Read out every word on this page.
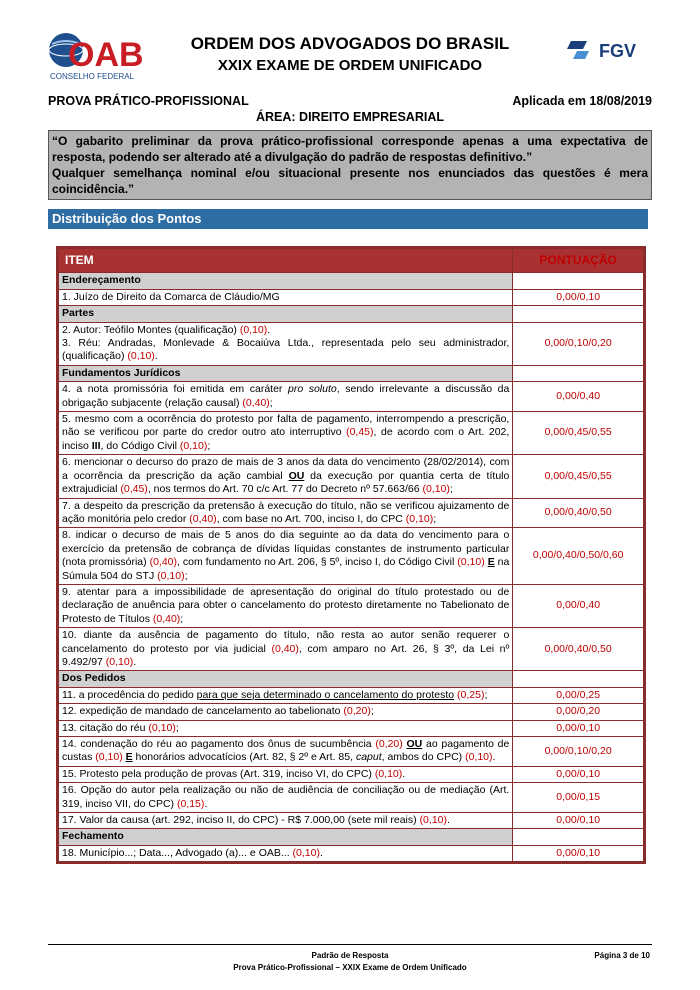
OAB
CONSELHO FEDERAL
ORDEM DOS ADVOGADOS DO BRASIL
XXIX EXAME DE ORDEM UNIFICADO
FGV
PROVA PRÁTICO-PROFISSIONAL	Aplicada em 18/08/2019
ÁREA: DIREITO EMPRESARIAL
“O gabarito preliminar da prova prático-profissional corresponde apenas a uma expectativa de resposta, podendo ser alterado até a divulgação do padrão de respostas definitivo.”
Qualquer semelhança nominal e/ou situacional presente nos enunciados das questões é mera coincidência.”
Distribuição dos Pontos
ITEM	PONTUAÇÃO
Endereçamento	
1. Juízo de Direito da Comarca de Cláudio/MG	0,00/0,10
Partes	

2. Autor: Teófilo Montes (qualificação) (0,10).
3. Réu: Andradas, Monlevade & Bocaiúva Ltda., representada pelo seu administrador, (qualificação) (0,10).	0,00/0,10/0,20
Fundamentos Jurídicos	
4. a nota promissória foi emitida em caráter pro soluto, sendo irrelevante a discussão da obrigação subjacente (relação causal) (0,40);	0,00/0,40
5. mesmo com a ocorrência do protesto por falta de pagamento, interrompendo a prescrição, não se verificou por parte do credor outro ato interruptivo (0,45), de acordo com o Art. 202, inciso III, do Código Civil (0,10);	0,00/0,45/0,55
6. mencionar o decurso do prazo de mais de 3 anos da data do vencimento (28/02/2014), com a ocorrência da prescrição da ação cambial OU da execução por quantia certa de título extrajudicial (0,45), nos termos do Art. 70 c/c Art. 77 do Decreto nº 57.663/66 (0,10);	0,00/0,45/0,55
7. a despeito da prescrição da pretensão à execução do título, não se verificou ajuizamento de ação monitória pelo credor (0,40), com base no Art. 700, inciso I, do CPC (0,10);	0,00/0,40/0,50
8. indicar o decurso de mais de 5 anos do dia seguinte ao da data do vencimento para o exercício da pretensão de cobrança de dívidas líquidas constantes de instrumento particular (nota promissória) (0,40), com fundamento no Art. 206, § 5º, inciso I, do Código Civil (0,10) E na Súmula 504 do STJ (0,10);	0,00/0,40/0,50/0,60
9. atentar para a impossibilidade de apresentação do original do título protestado ou de declaração de anuência para obter o cancelamento do protesto diretamente no Tabelionato de Protesto de Títulos (0,40);	0,00/0,40
10. diante da ausência de pagamento do título, não resta ao autor senão requerer o cancelamento do protesto por via judicial (0,40), com amparo no Art. 26, § 3º, da Lei nº 9.492/97 (0,10).	0,00/0,40/0,50
Dos Pedidos	
11. a procedência do pedido para que seja determinado o cancelamento do protesto (0,25);	0,00/0,25
12. expedição de mandado de cancelamento ao tabelionato (0,20);	0,00/0,20
13. citação do réu (0,10);	0,00/0,10
14. condenação do réu ao pagamento dos ônus de sucumbência (0,20) OU ao pagamento de custas (0,10) E honorários advocatícios (Art. 82, § 2º e Art. 85, caput, ambos do CPC) (0,10).	0,00/0,10/0,20
15. Protesto pela produção de provas (Art. 319, inciso VI, do CPC) (0,10).	0,00/0,10
16. Opção do autor pela realização ou não de audiência de conciliação ou de mediação (Art. 319, inciso VII, do CPC) (0,15).	0,00/0,15
17. Valor da causa (art. 292, inciso II, do CPC) - R$ 7.000,00 (sete mil reais) (0,10).	0,00/0,10
Fechamento	
18. Município...; Data..., Advogado (a)... e OAB... (0,10).	0,00/0,10
Padrão de Resposta
Prova Prático-Profissional – XXIX Exame de Ordem Unificado
Página 3 de 10
